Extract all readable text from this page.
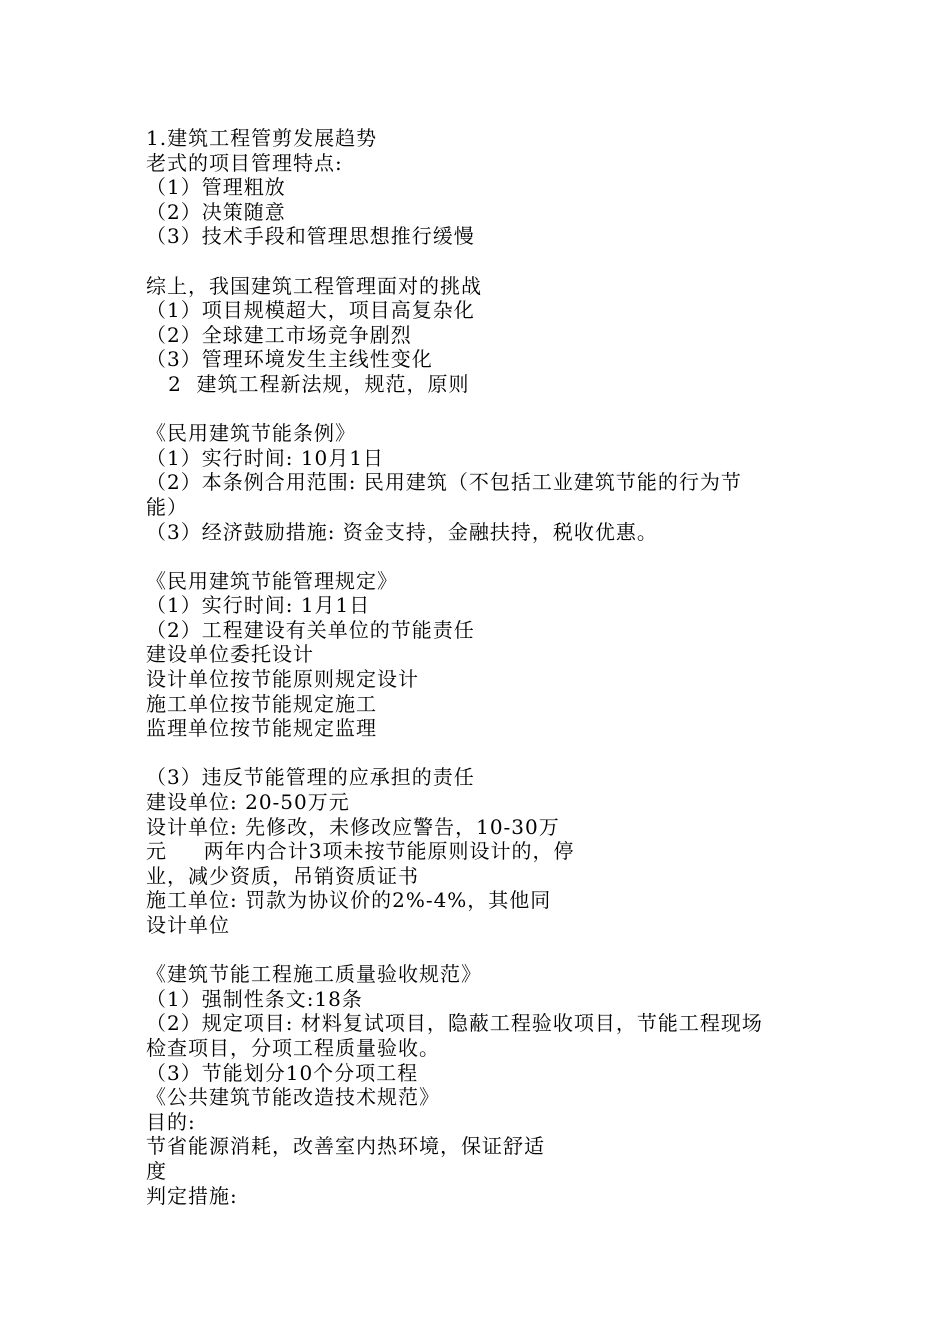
1.建筑工程管剪发展趋势
老式的项目管理特点:
（1）管理粗放
（2）决策随意
（3）技术手段和管理思想推行缓慢
综上，我国建筑工程管理面对的挑战
（1）项目规模超大，项目高复杂化
（2）全球建工市场竞争剧烈
（3）管理环境发生主线性变化
2  建筑工程新法规，规范，原则
《民用建筑节能条例》
（1）实行时间: 10月1日
（2）本条例合用范围: 民用建筑（不包括工业建筑节能的行为节
能）
（3）经济鼓励措施: 资金支持，金融扶持，税收优惠。
《民用建筑节能管理规定》
（1）实行时间: 1月1日
（2）工程建设有关单位的节能责任
建设单位委托设计
设计单位按节能原则规定设计
施工单位按节能规定施工
监理单位按节能规定监理
（3）违反节能管理的应承担的责任
建设单位: 20-50万元
设计单位: 先修改，未修改应警告，10-30万
元     两年内合计3项未按节能原则设计的，停
业，减少资质，吊销资质证书
施工单位: 罚款为协议价的2%-4%，其他同
设计单位
《建筑节能工程施工质量验收规范》
（1）强制性条文:18条
（2）规定项目: 材料复试项目，隐蔽工程验收项目，节能工程现场
检查项目，分项工程质量验收。
（3）节能划分10个分项工程
《公共建筑节能改造技术规范》
目的:
节省能源消耗，改善室内热环境，保证舒适
度
判定措施:
